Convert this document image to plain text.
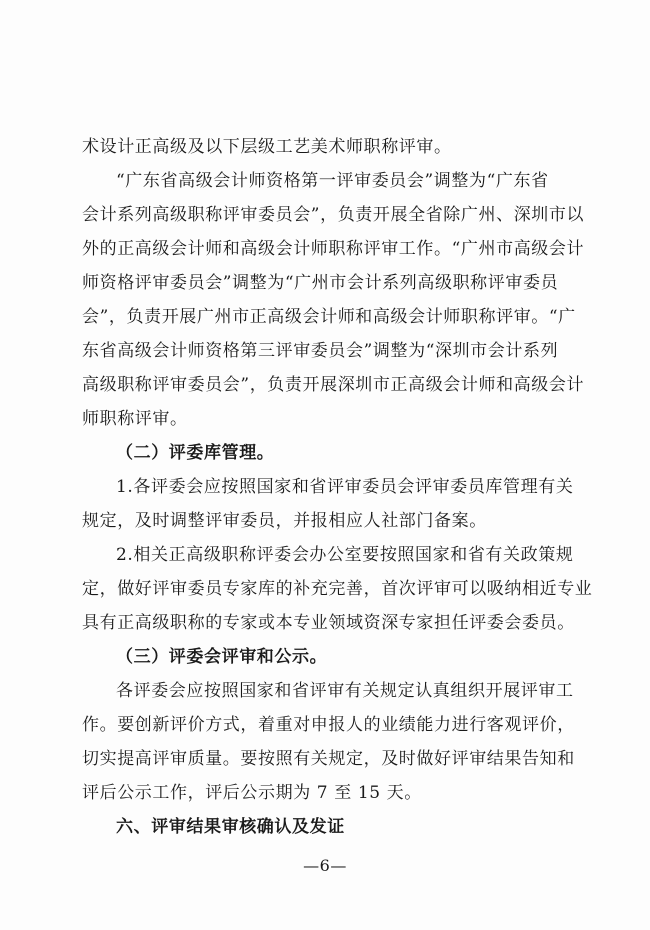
术设计正高级及以下层级工艺美术师职称评审。
“广东省高级会计师资格第一评审委员会”调整为“广东省
会计系列高级职称评审委员会”，负责开展全省除广州、深圳市以
外的正高级会计师和高级会计师职称评审工作。“广州市高级会计
师资格评审委员会”调整为“广州市会计系列高级职称评审委员
会”，负责开展广州市正高级会计师和高级会计师职称评审。“广
东省高级会计师资格第三评审委员会”调整为“深圳市会计系列
高级职称评审委员会”，负责开展深圳市正高级会计师和高级会计
师职称评审。
（二）评委库管理。
1.各评委会应按照国家和省评审委员会评审委员库管理有关
规定，及时调整评审委员，并报相应人社部门备案。
2.相关正高级职称评委会办公室要按照国家和省有关政策规
定，做好评审委员专家库的补充完善，首次评审可以吸纳相近专业
具有正高级职称的专家或本专业领域资深专家担任评委会委员。
（三）评委会评审和公示。
各评委会应按照国家和省评审有关规定认真组织开展评审工
作。要创新评价方式，着重对申报人的业绩能力进行客观评价，
切实提高评审质量。要按照有关规定，及时做好评审结果告知和
评后公示工作，评后公示期为 7 至 15 天。
六、评审结果审核确认及发证
—6—
